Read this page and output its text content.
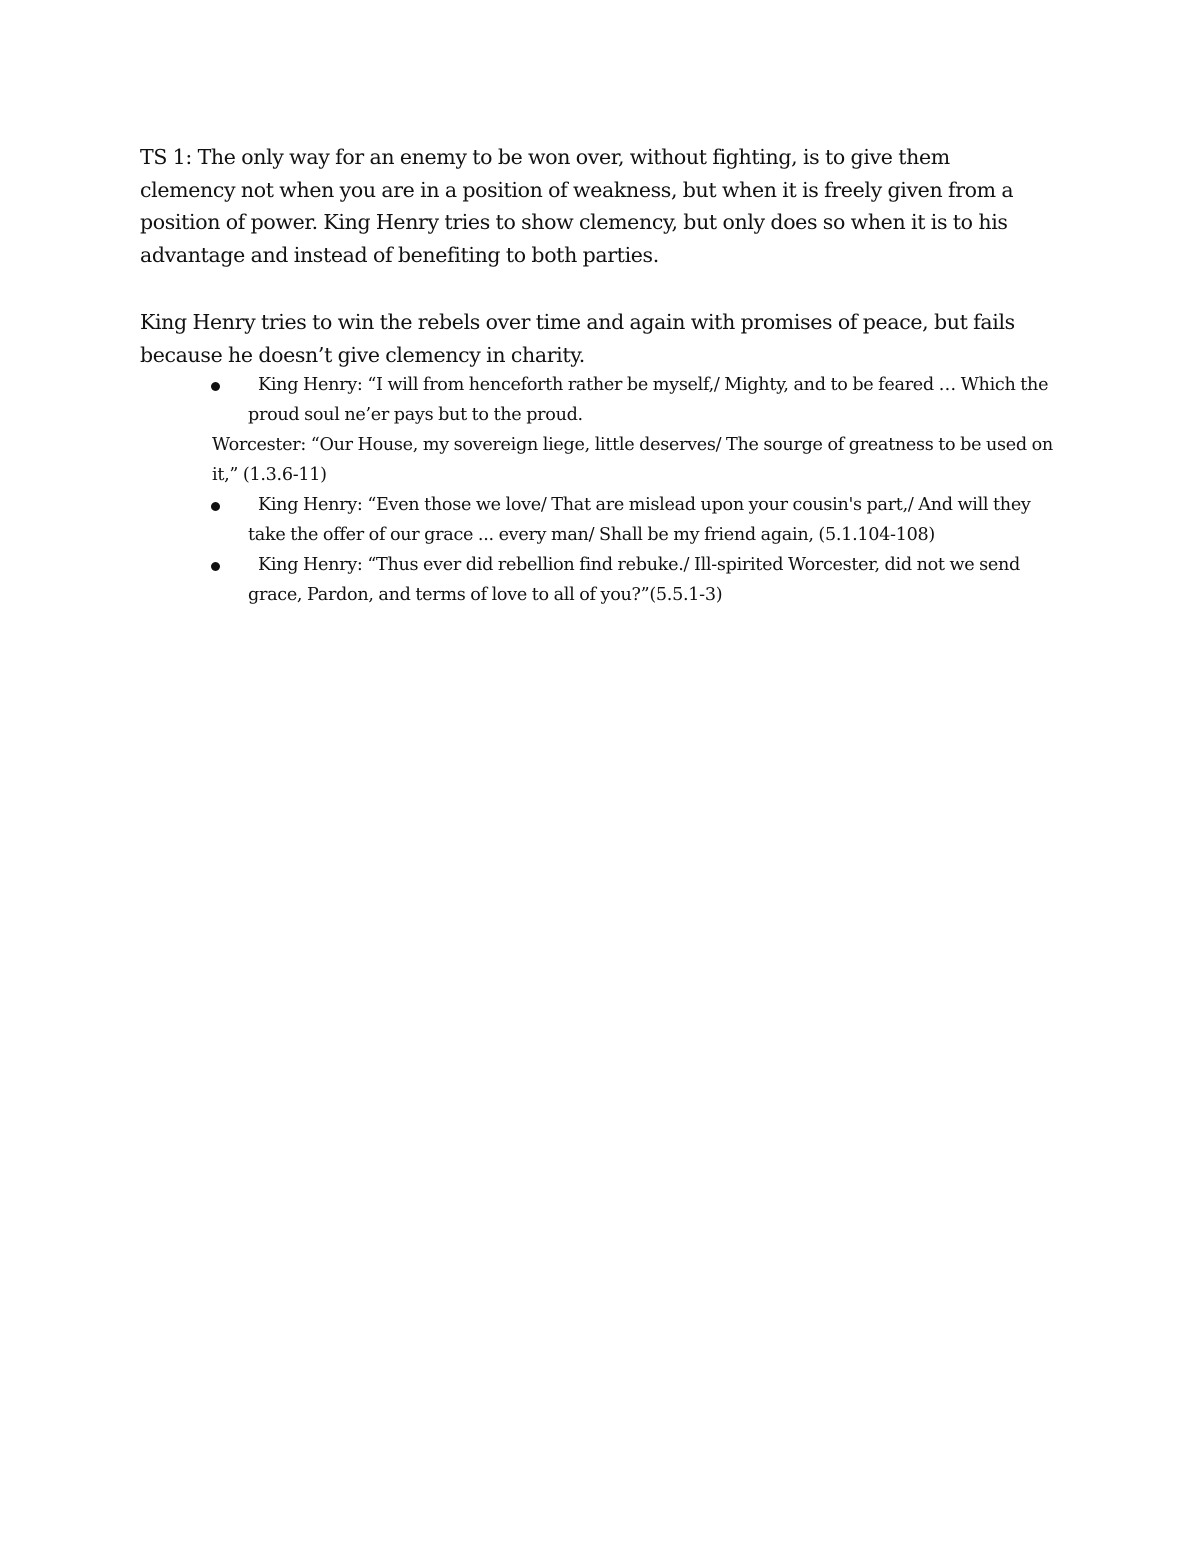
TS 1: The only way for an enemy to be won over, without fighting, is to give them clemency not when you are in a position of weakness, but when it is freely given from a position of power. King Henry tries to show clemency, but only does so when it is to his advantage and instead of benefiting to both parties.

King Henry tries to win the rebels over time and again with promises of peace, but fails because he doesn’t give clemency in charity.

King Henry: “I will from henceforth rather be myself,/ Mighty, and to be feared … Which the proud soul ne’er pays but to the proud.
Worcester: “Our House, my sovereign liege, little deserves/ The sourge of greatness to be used on it,” (1.3.6-11)
King Henry: “Even those we love/ That are mislead upon your cousin's part,/ And will they take the offer of our grace ... every man/ Shall be my friend again, (5.1.104-108)
King Henry: “Thus ever did rebellion find rebuke./ Ill-spirited Worcester, did not we send grace, Pardon, and terms of love to all of you?”(5.5.1-3)
